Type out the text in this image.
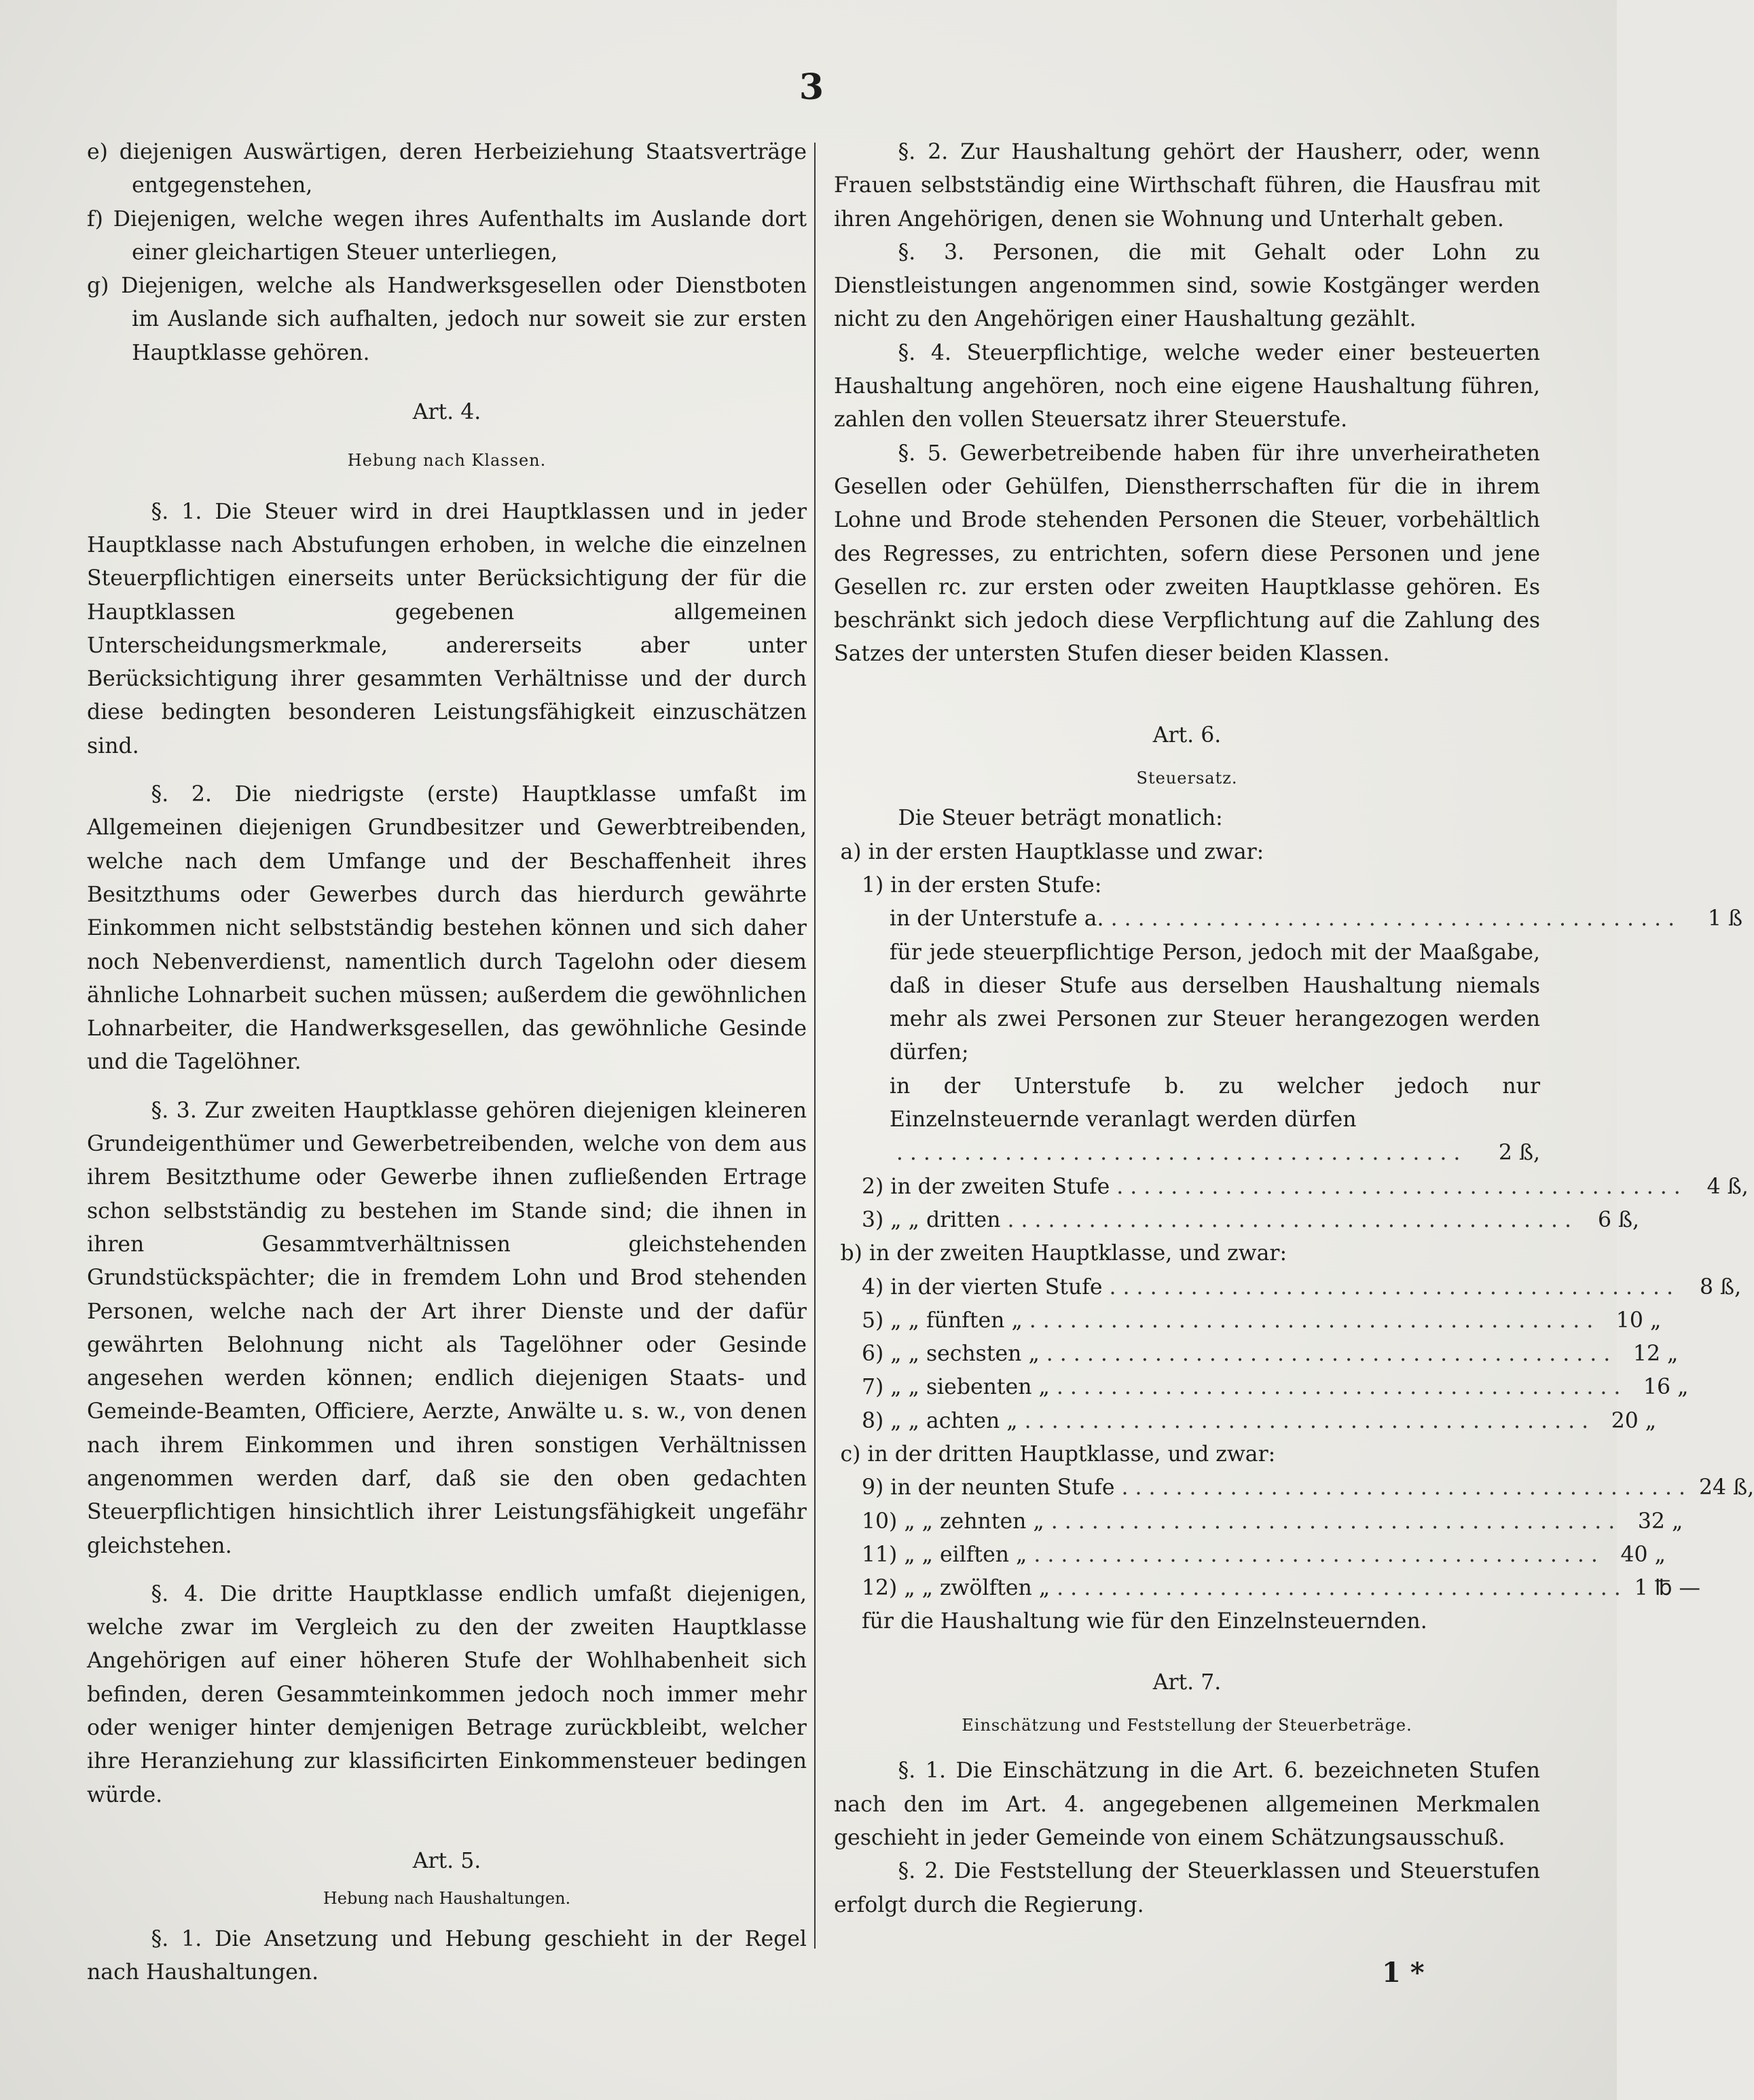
3

e) diejenigen Auswärtigen, deren Herbeiziehung Staatsverträge entgegenstehen,

f) Diejenigen, welche wegen ihres Aufenthalts im Auslande dort einer gleichartigen Steuer unterliegen,

g) Diejenigen, welche als Handwerksgesellen oder Dienstboten im Auslande sich aufhalten, jedoch nur soweit sie zur ersten Hauptklasse gehören.

Art. 4.

Hebung nach Klassen.

§. 1. Die Steuer wird in drei Hauptklassen und in jeder Hauptklasse nach Abstufungen erhoben, in welche die einzelnen Steuerpflichtigen einerseits unter Berücksichtigung der für die Hauptklassen gegebenen allgemeinen Unterscheidungsmerkmale, andererseits aber unter Berücksichtigung ihrer gesammten Verhältnisse und der durch diese bedingten besonderen Leistungsfähigkeit einzuschätzen sind.

§. 2. Die niedrigste (erste) Hauptklasse umfaßt im Allgemeinen diejenigen Grundbesitzer und Gewerbtreibenden, welche nach dem Umfange und der Beschaffenheit ihres Besitzthums oder Gewerbes durch das hierdurch gewährte Einkommen nicht selbstständig bestehen können und sich daher noch Nebenverdienst, namentlich durch Tagelohn oder diesem ähnliche Lohnarbeit suchen müssen; außerdem die gewöhnlichen Lohnarbeiter, die Handwerksgesellen, das gewöhnliche Gesinde und die Tagelöhner.

§. 3. Zur zweiten Hauptklasse gehören diejenigen kleineren Grundeigenthümer und Gewerbetreibenden, welche von dem aus ihrem Besitzthume oder Gewerbe ihnen zufließenden Ertrage schon selbstständig zu bestehen im Stande sind; die ihnen in ihren Gesammtverhältnissen gleichstehenden Grundstückspächter; die in fremdem Lohn und Brod stehenden Personen, welche nach der Art ihrer Dienste und der dafür gewährten Belohnung nicht als Tagelöhner oder Gesinde angesehen werden können; endlich diejenigen Staats- und Gemeinde-Beamten, Officiere, Aerzte, Anwälte u. s. w., von denen nach ihrem Einkommen und ihren sonstigen Verhältnissen angenommen werden darf, daß sie den oben gedachten Steuerpflichtigen hinsichtlich ihrer Leistungsfähigkeit ungefähr gleichstehen.

§. 4. Die dritte Hauptklasse endlich umfaßt diejenigen, welche zwar im Vergleich zu den der zweiten Hauptklasse Angehörigen auf einer höheren Stufe der Wohlhabenheit sich befinden, deren Gesammteinkommen jedoch noch immer mehr oder weniger hinter demjenigen Betrage zurückbleibt, welcher ihre Heranziehung zur klassificirten Einkommensteuer bedingen würde.

Art. 5.

Hebung nach Haushaltungen.

§. 1. Die Ansetzung und Hebung geschieht in der Regel nach Haushaltungen.

§. 2. Zur Haushaltung gehört der Hausherr, oder, wenn Frauen selbstständig eine Wirthschaft führen, die Hausfrau mit ihren Angehörigen, denen sie Wohnung und Unterhalt geben.

§. 3. Personen, die mit Gehalt oder Lohn zu Dienstleistungen angenommen sind, sowie Kostgänger werden nicht zu den Angehörigen einer Haushaltung gezählt.

§. 4. Steuerpflichtige, welche weder einer besteuerten Haushaltung angehören, noch eine eigene Haushaltung führen, zahlen den vollen Steuersatz ihrer Steuerstufe.

§. 5. Gewerbetreibende haben für ihre unverheiratheten Gesellen oder Gehülfen, Dienstherrschaften für die in ihrem Lohne und Brode stehenden Personen die Steuer, vorbehältlich des Regresses, zu entrichten, sofern diese Personen und jene Gesellen rc. zur ersten oder zweiten Hauptklasse gehören. Es beschränkt sich jedoch diese Verpflichtung auf die Zahlung des Satzes der untersten Stufen dieser beiden Klassen.

Art. 6.

Steuersatz.

Die Steuer beträgt monatlich:

a) in der ersten Hauptklasse und zwar:

1) in der ersten Stufe:

in der Unterstufe a. ..........................................	1 ß

für jede steuerpflichtige Person, jedoch mit der Maaßgabe, daß in dieser Stufe aus derselben Haushaltung niemals mehr als zwei Personen zur Steuer herangezogen werden dürfen;

in der Unterstufe b. zu welcher jedoch nur Einzelnsteuernde veranlagt werden dürfen

..........................................	2 ß,
2) in der zweiten Stufe .......................................... 4 ß,
3) „ „ dritten .......................................... 6 ß,

b) in der zweiten Hauptklasse, und zwar:

4) in der vierten Stufe .......................................... 8 ß,
5) „ „ fünften „ .......................................... 10 „
6) „ „ sechsten „ .......................................... 12 „
7) „ „ siebenten „ .......................................... 16 „
8) „ „ achten „ .......................................... 20 „

c) in der dritten Hauptklasse, und zwar:

9) in der neunten Stufe .......................................... 24 ß,
10) „ „ zehnten „ .......................................... 32 „
11) „ „ eilften „ .......................................... 40 „
12) „ „ zwölften „ .......................................... 1 ℔ —

für die Haushaltung wie für den Einzelnsteuernden.

Art. 7.

Einschätzung und Feststellung der Steuerbeträge.

§. 1. Die Einschätzung in die Art. 6. bezeichneten Stufen nach den im Art. 4. angegebenen allgemeinen Merkmalen geschieht in jeder Gemeinde von einem Schätzungsausschuß.

§. 2. Die Feststellung der Steuerklassen und Steuerstufen erfolgt durch die Regierung.

1 *
